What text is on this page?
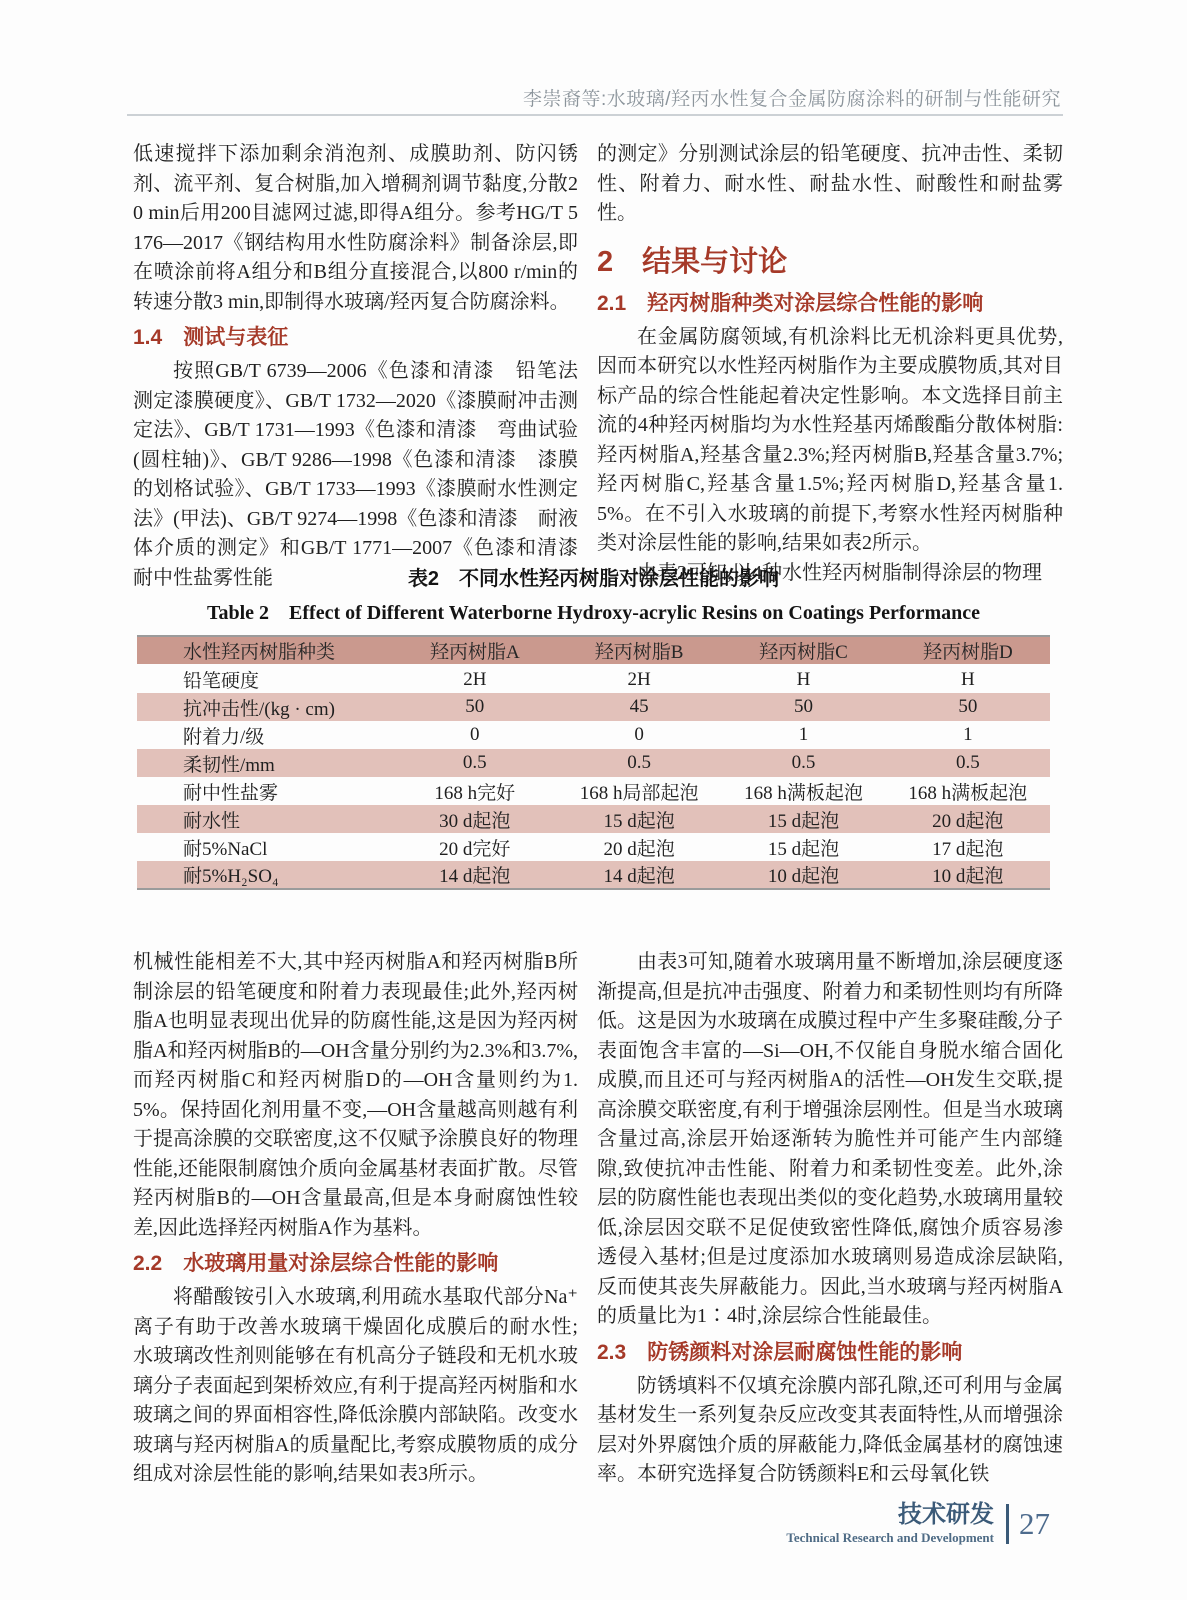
李崇裔等:水玻璃/羟丙水性复合金属防腐涂料的研制与性能研究

低速搅拌下添加剩余消泡剂、成膜助剂、防闪锈剂、流平剂、复合树脂,加入增稠剂调节黏度,分散20 min后用200目滤网过滤,即得A组分。参考HG/T 5176—2017《钢结构用水性防腐涂料》制备涂层,即在喷涂前将A组分和B组分直接混合,以800 r/min的转速分散3 min,即制得水玻璃/羟丙复合防腐涂料。

1.4　测试与表征

按照GB/T 6739—2006《色漆和清漆　铅笔法测定漆膜硬度》、GB/T 1732—2020《漆膜耐冲击测定法》、GB/T 1731—1993《色漆和清漆　弯曲试验(圆柱轴)》、GB/T 9286—1998《色漆和清漆　漆膜的划格试验》、GB/T 1733—1993《漆膜耐水性测定法》(甲法)、GB/T 9274—1998《色漆和清漆　耐液体介质的测定》和GB/T 1771—2007《色漆和清漆　耐中性盐雾性能

的测定》分别测试涂层的铅笔硬度、抗冲击性、柔韧性、附着力、耐水性、耐盐水性、耐酸性和耐盐雾性。

2　结果与讨论
2.1　羟丙树脂种类对涂层综合性能的影响

在金属防腐领域,有机涂料比无机涂料更具优势,因而本研究以水性羟丙树脂作为主要成膜物质,其对目标产品的综合性能起着决定性影响。本文选择目前主流的4种羟丙树脂均为水性羟基丙烯酸酯分散体树脂:羟丙树脂A,羟基含量2.3%;羟丙树脂B,羟基含量3.7%;羟丙树脂C,羟基含量1.5%;羟丙树脂D,羟基含量1.5%。在不引入水玻璃的前提下,考察水性羟丙树脂种类对涂层性能的影响,结果如表2所示。

由表2可知,以4种水性羟丙树脂制得涂层的物理

表2　不同水性羟丙树脂对涂层性能的影响
Table 2　Effect of Different Waterborne Hydroxy-acrylic Resins on Coatings Performance
水性羟丙树脂种类	羟丙树脂A	羟丙树脂B	羟丙树脂C	羟丙树脂D
铅笔硬度	2H	2H	H	H
抗冲击性/(kg · cm)	50	45	50	50
附着力/级	0	0	1	1
柔韧性/mm	0.5	0.5	0.5	0.5
耐中性盐雾	168 h完好	168 h局部起泡	168 h满板起泡	168 h满板起泡
耐水性	30 d起泡	15 d起泡	15 d起泡	20 d起泡
耐5%NaCl	20 d完好	20 d起泡	15 d起泡	17 d起泡
耐5%H₂SO₄	14 d起泡	14 d起泡	10 d起泡	10 d起泡

机械性能相差不大,其中羟丙树脂A和羟丙树脂B所制涂层的铅笔硬度和附着力表现最佳;此外,羟丙树脂A也明显表现出优异的防腐性能,这是因为羟丙树脂A和羟丙树脂B的—OH含量分别约为2.3%和3.7%,而羟丙树脂C和羟丙树脂D的—OH含量则约为1.5%。保持固化剂用量不变,—OH含量越高则越有利于提高涂膜的交联密度,这不仅赋予涂膜良好的物理性能,还能限制腐蚀介质向金属基材表面扩散。尽管羟丙树脂B的—OH含量最高,但是本身耐腐蚀性较差,因此选择羟丙树脂A作为基料。

2.2　水玻璃用量对涂层综合性能的影响

将醋酸铵引入水玻璃,利用疏水基取代部分Na⁺离子有助于改善水玻璃干燥固化成膜后的耐水性;水玻璃改性剂则能够在有机高分子链段和无机水玻璃分子表面起到架桥效应,有利于提高羟丙树脂和水玻璃之间的界面相容性,降低涂膜内部缺陷。改变水玻璃与羟丙树脂A的质量配比,考察成膜物质的成分组成对涂层性能的影响,结果如表3所示。

由表3可知,随着水玻璃用量不断增加,涂层硬度逐渐提高,但是抗冲击强度、附着力和柔韧性则均有所降低。这是因为水玻璃在成膜过程中产生多聚硅酸,分子表面饱含丰富的—Si—OH,不仅能自身脱水缩合固化成膜,而且还可与羟丙树脂A的活性—OH发生交联,提高涂膜交联密度,有利于增强涂层刚性。但是当水玻璃含量过高,涂层开始逐渐转为脆性并可能产生内部缝隙,致使抗冲击性能、附着力和柔韧性变差。此外,涂层的防腐性能也表现出类似的变化趋势,水玻璃用量较低,涂层因交联不足促使致密性降低,腐蚀介质容易渗透侵入基材;但是过度添加水玻璃则易造成涂层缺陷,反而使其丧失屏蔽能力。因此,当水玻璃与羟丙树脂A的质量比为1∶4时,涂层综合性能最佳。

2.3　防锈颜料对涂层耐腐蚀性能的影响

防锈填料不仅填充涂膜内部孔隙,还可利用与金属基材发生一系列复杂反应改变其表面特性,从而增强涂层对外界腐蚀介质的屏蔽能力,降低金属基材的腐蚀速率。本研究选择复合防锈颜料E和云母氧化铁

技术研发
Technical Research and Development 27
